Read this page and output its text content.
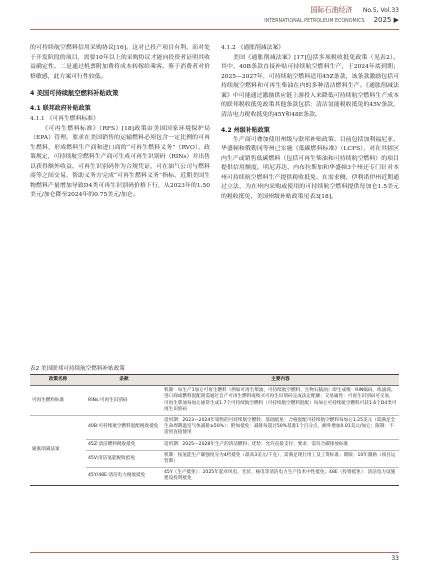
国际石油经济 No.5, Vol.33
INTERNATIONAL PETROLEUM ECONOMICS 2025 ▶

的可持续航空燃料信用采购协议[16]。这对已投产项目有利，而对处于开发阶段的项目，需要10年以上的采购协议才能向投资者证明其收益确定性。二是通过机票附加费将成本转嫁给乘客。鉴于消费者对价格敏感，此方案可行性较低。

4 美国可持续航空燃料补贴政策

4.1 联邦政府补贴政策

4.1.1 《可再生燃料标准》

《可再生燃料标准》（RFS）[18]政策由美国国家环境保护局（EPA）管理。要求在美国销售的运输燃料必须包含一定比例的可再生燃料，形成燃料生产商和进口商的“可再生燃料义务”（RVO）。政策规定，可持续航空燃料生产商可生成可再生识别码（RINs）并出售以获得额外收益。可再生识别码作为合规凭证，可在油气公司与燃料商等之间交易，帮助义务方完成“可再生燃料义务”指标。近期美国生物燃料产量增加导致D4类可再生识别码价格下行，从2023年的1.50美元/加仑降至2024年的0.75美元/加仑。

4.1.2 《通胀削减法案》

美国《通胀削减法案》[17]包括多项税收抵免政策（见表2）。其中，40B条款直接补贴可持续航空燃料生产，于2024年底到期；2025—2027年，可持续航空燃料适用45Z条款，该条款激励包括可持续航空燃料和可再生柴油在内的多种清洁燃料生产。《通胀削减法案》中可能通过激励供应链上游投入来降低可持续航空燃料生产成本的联邦税收抵免政策其他条款包括：清洁氢能税收抵免的45V条款，清洁电力税收抵免的45Y和48E条款。

4.2 州级补贴政策

生产商可叠加使用州级与联邦补贴政策。目前包括加利福尼亚、华盛顿和俄勒冈等州已实施《低碳燃料标准》（LCFS），对在其辖区内生产或销售低碳燃料（包括可再生柴油和可持续航空燃料）的项目提供信用额度。明尼苏达、内布拉斯加和华盛顿3个州还专门针对本州可持续航空燃料生产提供税收抵免。在需求侧，伊利诺伊州近期通过立法，为在州内采购或使用的可持续航空燃料提供每加仑1.5美元的税收抵免，美国州级补贴政策见表3[18]。

表2 美国联邦可持续航空燃料补贴政策
政策名称	条款	主要内容
可再生燃料标准	RINs:可再生识别码	机制：每生产1加仑可再生燃料（例如可再生柴油、可持续航空燃料、生物石脑油）即生成唯一RIN编码，炼油商、进口商或燃料混配商需通过自产可再生燃料或购买可再生识别码完成法定配额；交易属性：可再生识别码可交易，可再生柴油每加仑通常生成1.7个可持续航空燃料（可持续航空燃料混配）每加仑可持续航空燃料可获1.6个D4类可再生识别码
通胀削减法案	40B:可持续航空燃料混配税收抵免	适用期：2023—2024年销售的可持续航空燃料；基础抵免：合格混配可持续航空燃料每加仑1.25美元（需满足全生命周期温室气体减排≥50%）；附加抵免：减排每超过50%基准1个百分点，额外增加0.01美元/加仑；限制：不适用直接使用
	45Z:清洁燃料税收抵免	适用期：2025—2028年生产的清洁燃料；优势：允许直接支付；要求：需符合碳排放标准
	45V:清洁氢能税收抵免	机制：按氢能生产碳强度分为4档抵免（最高3美元/千克），需满足现行用工及工资标准；期限：10年激励（项目运营期）
	45Y/48E:清洁电力税收抵免	45Y（生产抵免）：2025年起对风电、光伏、核电等清洁电力生产技术中性抵免；48E（投资抵免）：清洁电力设施建设投资抵免
33
